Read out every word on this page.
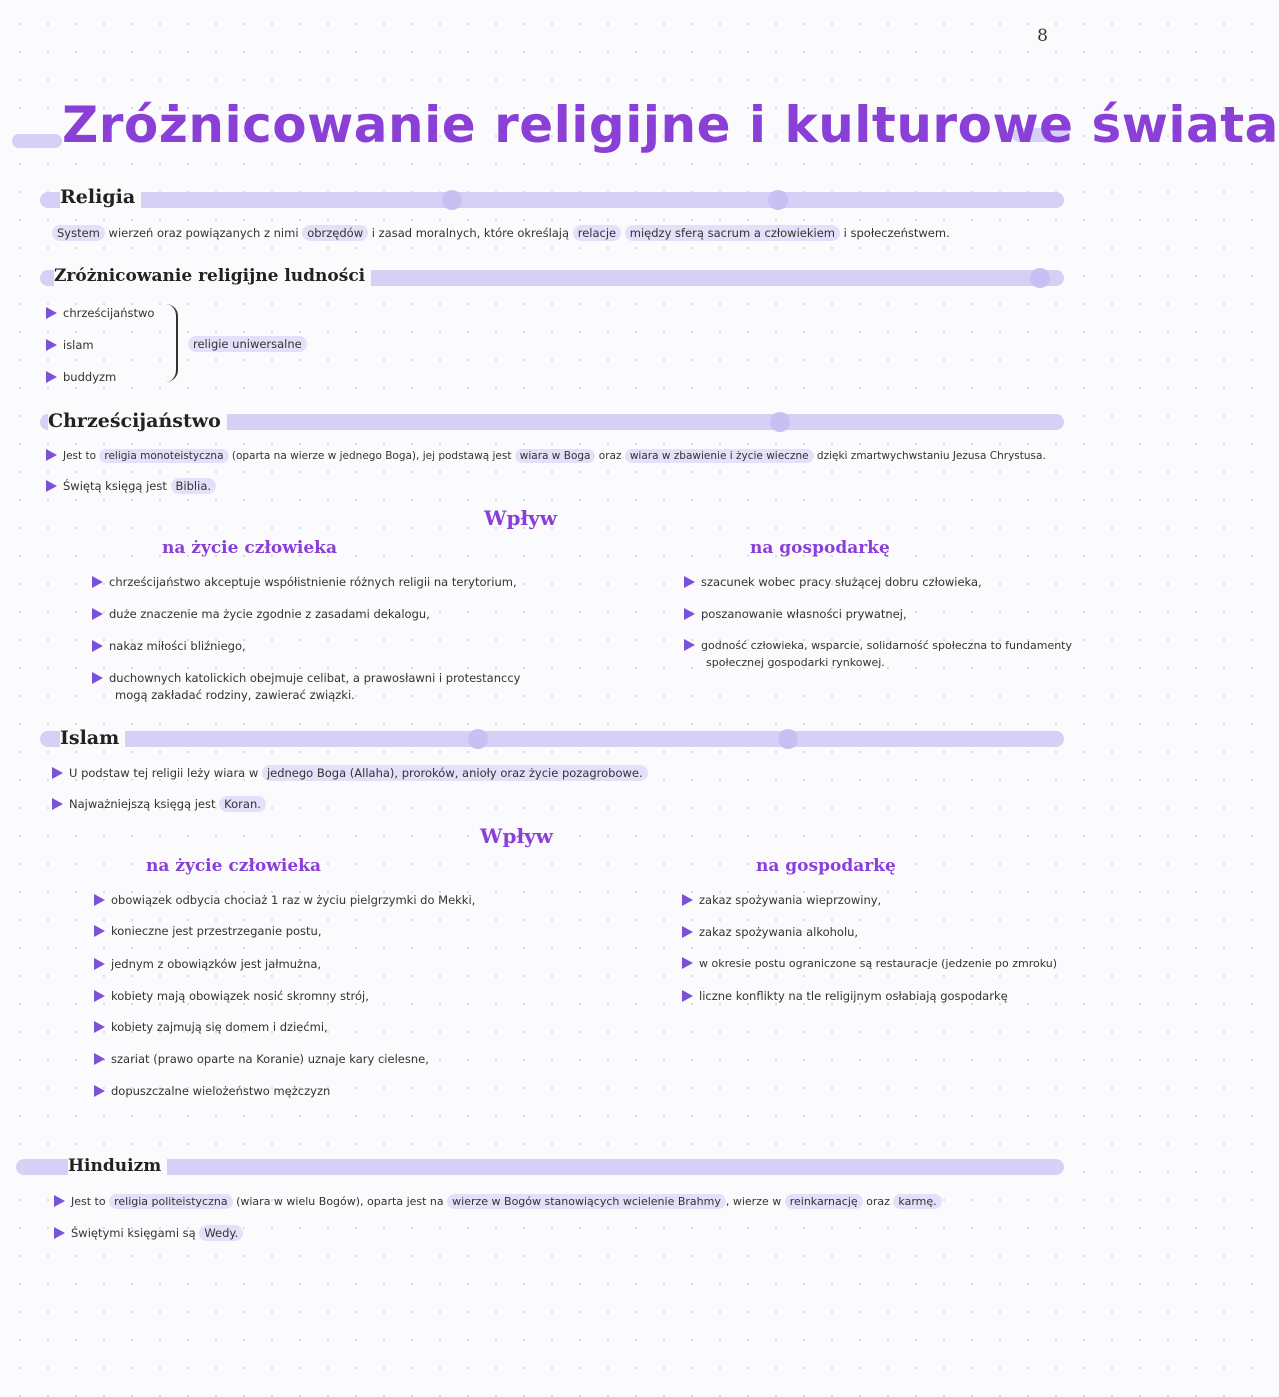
8
Zróżnicowanie religijne i kulturowe świata
Religia
System wierzeń oraz powiązanych z nimi obrzędów i zasad moralnych, które określają relacje między sferą sacrum a człowiekiem i społeczeństwem.
Zróżnicowanie religijne ludności
chrześcijaństwo
islam
buddyzm
religie uniwersalne
Chrześcijaństwo
Jest to religia monoteistyczna (oparta na wierze w jednego Boga), jej podstawą jest wiara w Boga oraz wiara w zbawienie i życie wieczne dzięki zmartwychwstaniu Jezusa Chrystusa.
Świętą księgą jest Biblia.
Wpływ
na życie człowieka
chrześcijaństwo akceptuje współistnienie różnych religii na terytorium,
duże znaczenie ma życie zgodnie z zasadami dekalogu,
nakaz miłości bliźniego,
duchownych katolickich obejmuje celibat, a prawosławni i protestanccy
mogą zakładać rodziny, zawierać związki.
na gospodarkę
szacunek wobec pracy służącej dobru człowieka,
poszanowanie własności prywatnej,
godność człowieka, wsparcie, solidarność społeczna to fundamenty
społecznej gospodarki rynkowej.
Islam
U podstaw tej religii leży wiara w jednego Boga (Allaha), proroków, anioły oraz życie pozagrobowe.
Najważniejszą księgą jest Koran.
Wpływ
na życie człowieka
obowiązek odbycia chociaż 1 raz w życiu pielgrzymki do Mekki,
konieczne jest przestrzeganie postu,
jednym z obowiązków jest jałmużna,
kobiety mają obowiązek nosić skromny strój,
kobiety zajmują się domem i dziećmi,
szariat (prawo oparte na Koranie) uznaje kary cielesne,
dopuszczalne wielożeństwo mężczyzn
na gospodarkę
zakaz spożywania wieprzowiny,
zakaz spożywania alkoholu,
w okresie postu ograniczone są restauracje (jedzenie po zmroku)
liczne konflikty na tle religijnym osłabiają gospodarkę
Hinduizm
Jest to religia politeistyczna (wiara w wielu Bogów), oparta jest na wierze w Bogów stanowiących wcielenie Brahmy , wierze w reinkarnację oraz karmę.
Świętymi księgami są Wedy.
